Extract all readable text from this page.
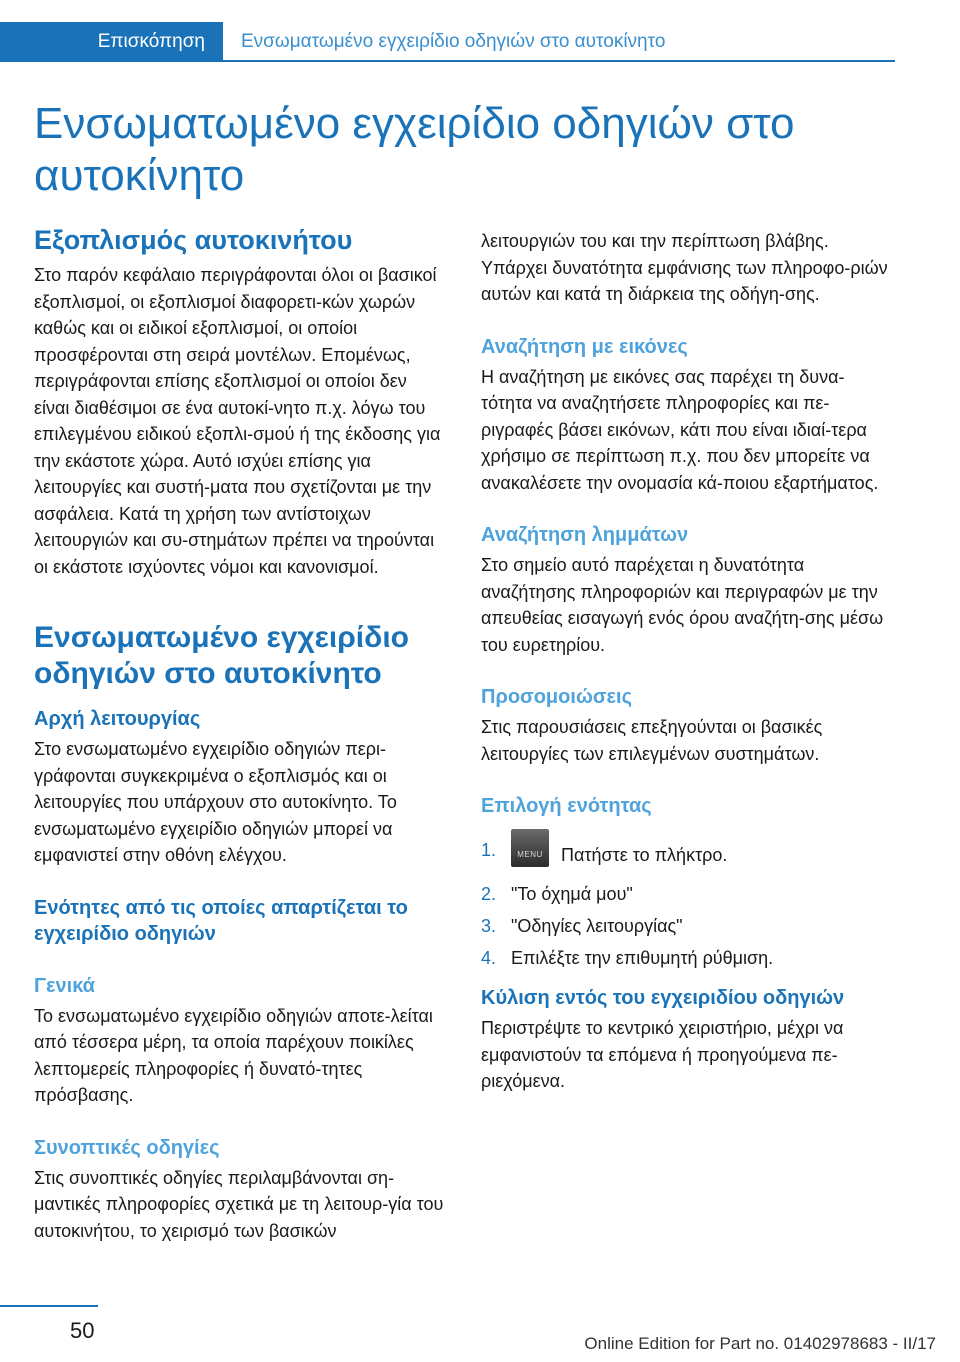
Επισκόπηση	Ενσωματωμένο εγχειρίδιο οδηγιών στο αυτοκίνητο
Ενσωματωμένο εγχειρίδιο οδηγιών στο αυτοκίνητο
Εξοπλισμός αυτοκινήτου

Στο παρόν κεφάλαιο περιγράφονται όλοι οι βασικοί εξοπλισμοί, οι εξοπλισμοί διαφορετι-κών χωρών καθώς και οι ειδικοί εξοπλισμοί, οι οποίοι προσφέρονται στη σειρά μοντέλων. Επομένως, περιγράφονται επίσης εξοπλισμοί οι οποίοι δεν είναι διαθέσιμοι σε ένα αυτοκί-νητο π.χ. λόγω του επιλεγμένου ειδικού εξοπλι-σμού ή της έκδοσης για την εκάστοτε χώρα. Αυτό ισχύει επίσης για λειτουργίες και συστή-ματα που σχετίζονται με την ασφάλεια. Κατά τη χρήση των αντίστοιχων λειτουργιών και συ-στημάτων πρέπει να τηρούνται οι εκάστοτε ισχύοντες νόμοι και κανονισμοί.

Ενσωματωμένο εγχειρίδιο οδηγιών στο αυτοκίνητο
Αρχή λειτουργίας

Στο ενσωματωμένο εγχειρίδιο οδηγιών περι-γράφονται συγκεκριμένα ο εξοπλισμός και οι λειτουργίες που υπάρχουν στο αυτοκίνητο. Το ενσωματωμένο εγχειρίδιο οδηγιών μπορεί να εμφανιστεί στην οθόνη ελέγχου.

Ενότητες από τις οποίες απαρτίζεται το εγχειρίδιο οδηγιών
Γενικά

Το ενσωματωμένο εγχειρίδιο οδηγιών αποτε-λείται από τέσσερα μέρη, τα οποία παρέχουν ποικίλες λεπτομερείς πληροφορίες ή δυνατό-τητες πρόσβασης.

Συνοπτικές οδηγίες

Στις συνοπτικές οδηγίες περιλαμβάνονται ση-μαντικές πληροφορίες σχετικά με τη λειτουρ-γία του αυτοκινήτου, το χειρισμό των βασικών

λειτουργιών του και την περίπτωση βλάβης. Υπάρχει δυνατότητα εμφάνισης των πληροφο-ριών αυτών και κατά τη διάρκεια της οδήγη-σης.

Αναζήτηση με εικόνες

Η αναζήτηση με εικόνες σας παρέχει τη δυνα-τότητα να αναζητήσετε πληροφορίες και πε-ριγραφές βάσει εικόνων, κάτι που είναι ιδιαί-τερα χρήσιμο σε περίπτωση π.χ. που δεν μπορείτε να ανακαλέσετε την ονομασία κά-ποιου εξαρτήματος.

Αναζήτηση λημμάτων

Στο σημείο αυτό παρέχεται η δυνατότητα αναζήτησης πληροφοριών και περιγραφών με την απευθείας εισαγωγή ενός όρου αναζήτη-σης μέσω του ευρετηρίου.

Προσομοιώσεις

Στις παρουσιάσεις επεξηγούνται οι βασικές λειτουργίες των επιλεγμένων συστημάτων.

Επιλογή ενότητας
1.	MENU	Πατήστε το πλήκτρο.
2. "Το όχημά μου"
3. "Οδηγίες λειτουργίας"
4. Επιλέξτε την επιθυμητή ρύθμιση.
Κύλιση εντός του εγχειριδίου οδηγιών

Περιστρέψτε το κεντρικό χειριστήριο, μέχρι να εμφανιστούν τα επόμενα ή προηγούμενα πε-ριεχόμενα.

50
Online Edition for Part no. 01402978683 - II/17
